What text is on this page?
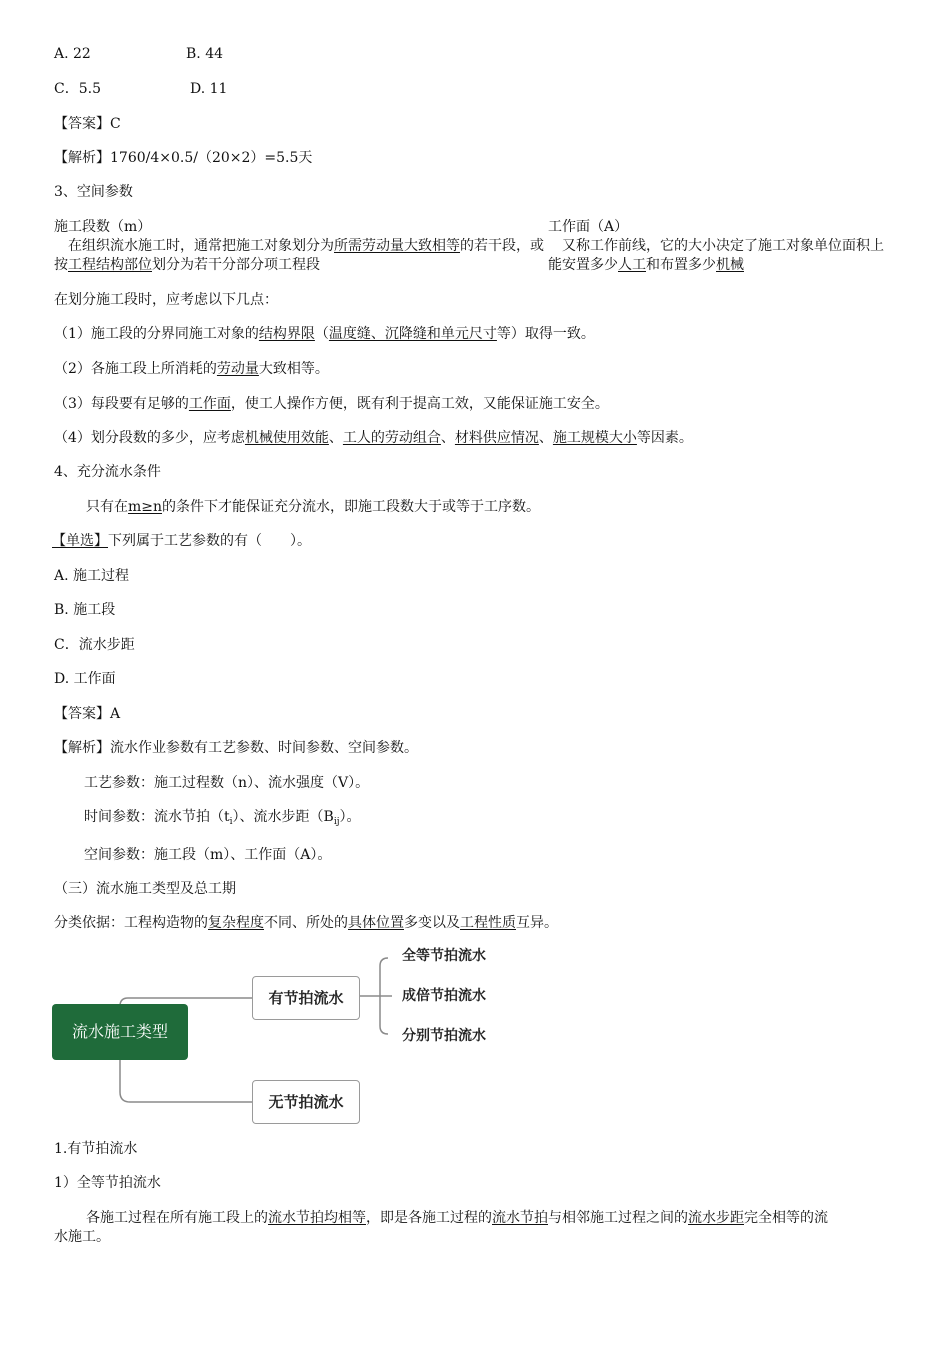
A. 22	B. 44
C．5.5	D. 11
【答案】C
【解析】1760/4×0.5/（20×2）=5.5天
3、空间参数
施工段数（m）
在组织流水施工时，通常把施工对象划分为所需劳动量大致相等的若干段，或按工程结构部位划分为若干分部分项工程段
工作面（A）
又称工作前线，它的大小决定了施工对象单位面积上能安置多少人工和布置多少机械
在划分施工段时，应考虑以下几点：
（1）施工段的分界同施工对象的结构界限（温度缝、沉降缝和单元尺寸等）取得一致。
（2）各施工段上所消耗的劳动量大致相等。
（3）每段要有足够的工作面，使工人操作方便，既有利于提高工效，又能保证施工安全。
（4）划分段数的多少，应考虑机械使用效能、工人的劳动组合、材料供应情况、施工规模大小等因素。
4、充分流水条件
只有在m≥n的条件下才能保证充分流水，即施工段数大于或等于工序数。
【单选】下列属于工艺参数的有（　　）。
A. 施工过程
B. 施工段
C．流水步距
D. 工作面
【答案】A
【解析】流水作业参数有工艺参数、时间参数、空间参数。
工艺参数：施工过程数（n）、流水强度（V）。
时间参数：流水节拍$(t_i)$、流水步距$(B_{ij})$。
空间参数：施工段（m）、工作面（A）。
（三）流水施工类型及总工期
分类依据：工程构造物的复杂程度不同、所处的具体位置多变以及工程性质互异。
流水施工类型
有节拍流水
无节拍流水
全等节拍流水
成倍节拍流水
分别节拍流水
1.有节拍流水
1）全等节拍流水
各施工过程在所有施工段上的流水节拍均相等，即是各施工过程的流水节拍与相邻施工过程之间的流水步距完全相等的流
水施工。
